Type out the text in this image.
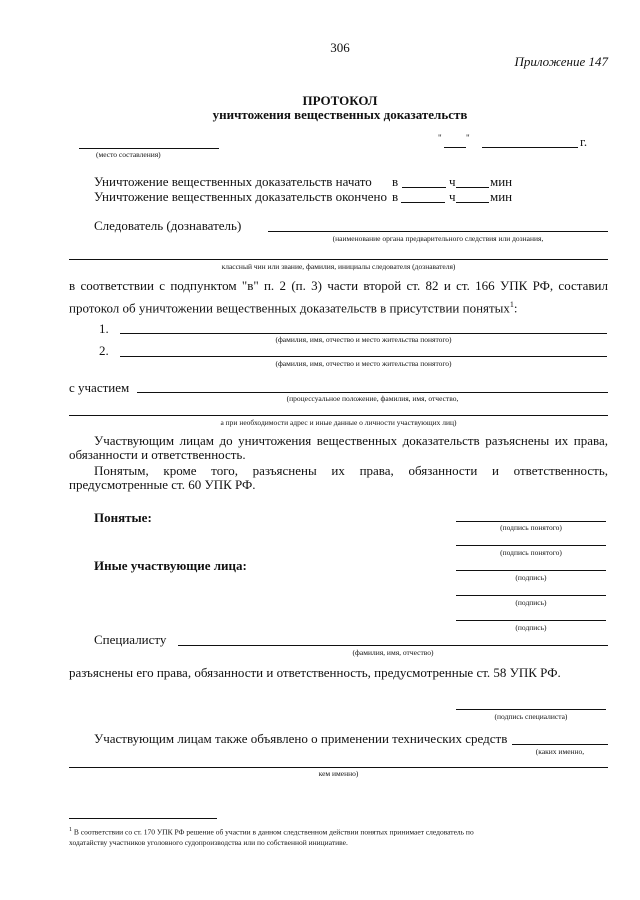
306
Приложение 147
ПРОТОКОЛ
уничтожения вещественных доказательств
(место составления)
"	"	г.
Уничтожение вещественных доказательств начато в	ч	мин
Уничтожение вещественных доказательств окончено в	ч	мин
Следователь (дознаватель)
(наименование органа предварительного следствия или дознания,
классный чин или звание, фамилия, инициалы следователя (дознавателя)
в соответствии с подпунктом "в" п. 2 (п. 3) части второй ст. 82 и ст. 166 УПК РФ, составил
протокол об уничтожении вещественных доказательств в присутствии понятых$^1$:
1.
(фамилия, имя, отчество и место жительства понятого)
2.
(фамилия, имя, отчество и место жительства понятого)
с участием
(процессуальное положение, фамилия, имя, отчество,
а при необходимости адрес и иные данные о личности участвующих лиц)
Участвующим лицам до уничтожения вещественных доказательств разъяснены их права,
обязанности и ответственность.
Понятым, кроме того, разъяснены их права, обязанности и ответственность,
предусмотренные ст. 60 УПК РФ.
Понятые:
(подпись понятого)
(подпись понятого)
Иные участвующие лица:
(подпись)
(подпись)
(подпись)
Специалисту
(фамилия, имя, отчество)
разъяснены его права, обязанности и ответственность, предусмотренные ст. 58 УПК РФ.
(подпись специалиста)
Участвующим лицам также объявлено о применении технических средств
(каких именно,
кем именно)
$^1$ В соответствии со ст. 170 УПК РФ решение об участии в данном следственном действии понятых принимает следователь по
ходатайству участников уголовного судопроизводства или по собственной инициативе.
